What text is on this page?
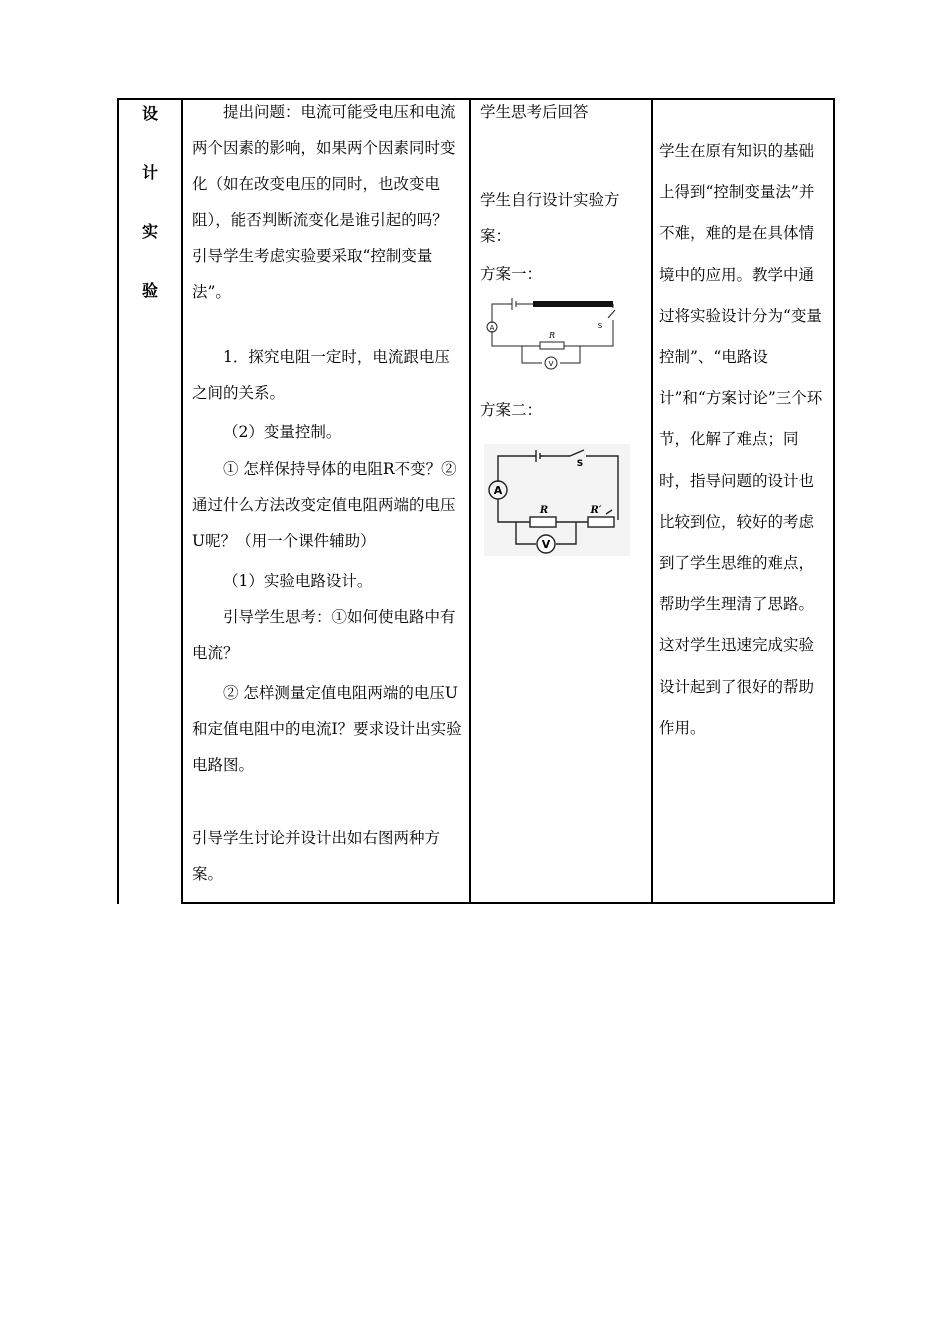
设
计
实
验
提出问题：电流可能受电压和电流两个因素的影响，如果两个因素同时变化（如在改变电压的同时，也改变电阻），能否判断流变化是谁引起的吗？引导学生考虑实验要采取“控制变量法”。
1．探究电阻一定时，电流跟电压之间的关系。
（2）变量控制。
① 怎样保持导体的电阻R不变？② 通过什么方法改变定值电阻两端的电压U呢？（用一个课件辅助）
（1）实验电路设计。
引导学生思考：①如何使电路中有电流？
② 怎样测量定值电阻两端的电压U和定值电阻中的电流I？要求设计出实验电路图。
引导学生讨论并设计出如右图两种方案。
学生思考后回答
学生自行设计实验方案：
方案一：
方案二：
A
R
V
S
A
R	R′
V
S
学生在原有知识的基础上得到“控制变量法”并不难，难的是在具体情境中的应用。教学中通过将实验设计分为“变量控制”、“电路设计”和“方案讨论”三个环节，化解了难点；同时，指导问题的设计也比较到位，较好的考虑到了学生思维的难点，帮助学生理清了思路。这对学生迅速完成实验设计起到了很好的帮助作用。
